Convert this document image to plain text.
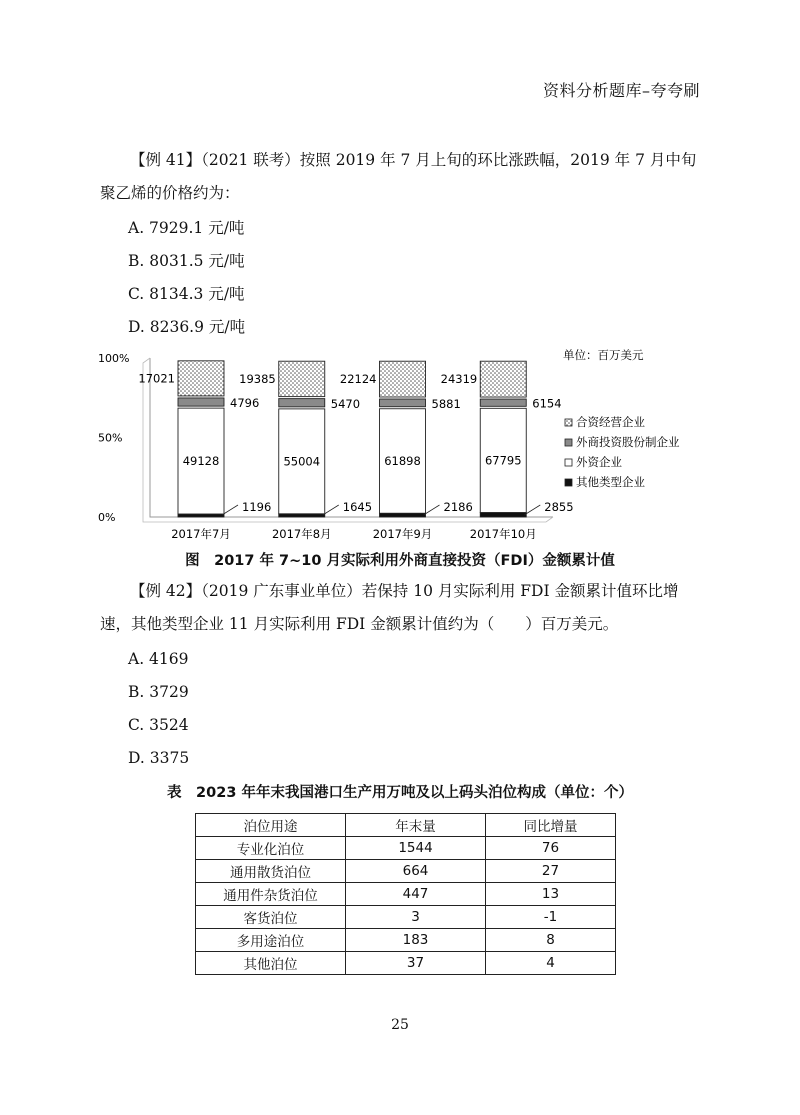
资料分析题库–夸夸刷
【例 41】（2021 联考）按照 2019 年 7 月上旬的环比涨跌幅，2019 年 7 月中旬聚乙烯的价格约为：
A. 7929.1 元/吨
B. 8031.5 元/吨
C. 8134.3 元/吨
D. 8236.9 元/吨
100%
50%
0%
1196
49128
4796
17021
1645
55004
5470
19385
2186
61898
5881
22124
2855
67795
6154
24319
2017年7月	2017年8月	2017年9月	2017年10月
单位：百万美元
合资经营企业
外商投资股份制企业
外资企业
其他类型企业
图　2017 年 7~10 月实际利用外商直接投资（FDI）金额累计值
【例 42】（2019 广东事业单位）若保持 10 月实际利用 FDI 金额累计值环比增速，其他类型企业 11 月实际利用 FDI 金额累计值约为（　　）百万美元。
A. 4169
B. 3729
C. 3524
D. 3375
表　2023 年年末我国港口生产用万吨及以上码头泊位构成（单位：个）
泊位用途	年末量	同比增量
专业化泊位	1544	76
通用散货泊位	664	27
通用件杂货泊位	447	13
客货泊位	3	-1
多用途泊位	183	8
其他泊位	37	4
25
